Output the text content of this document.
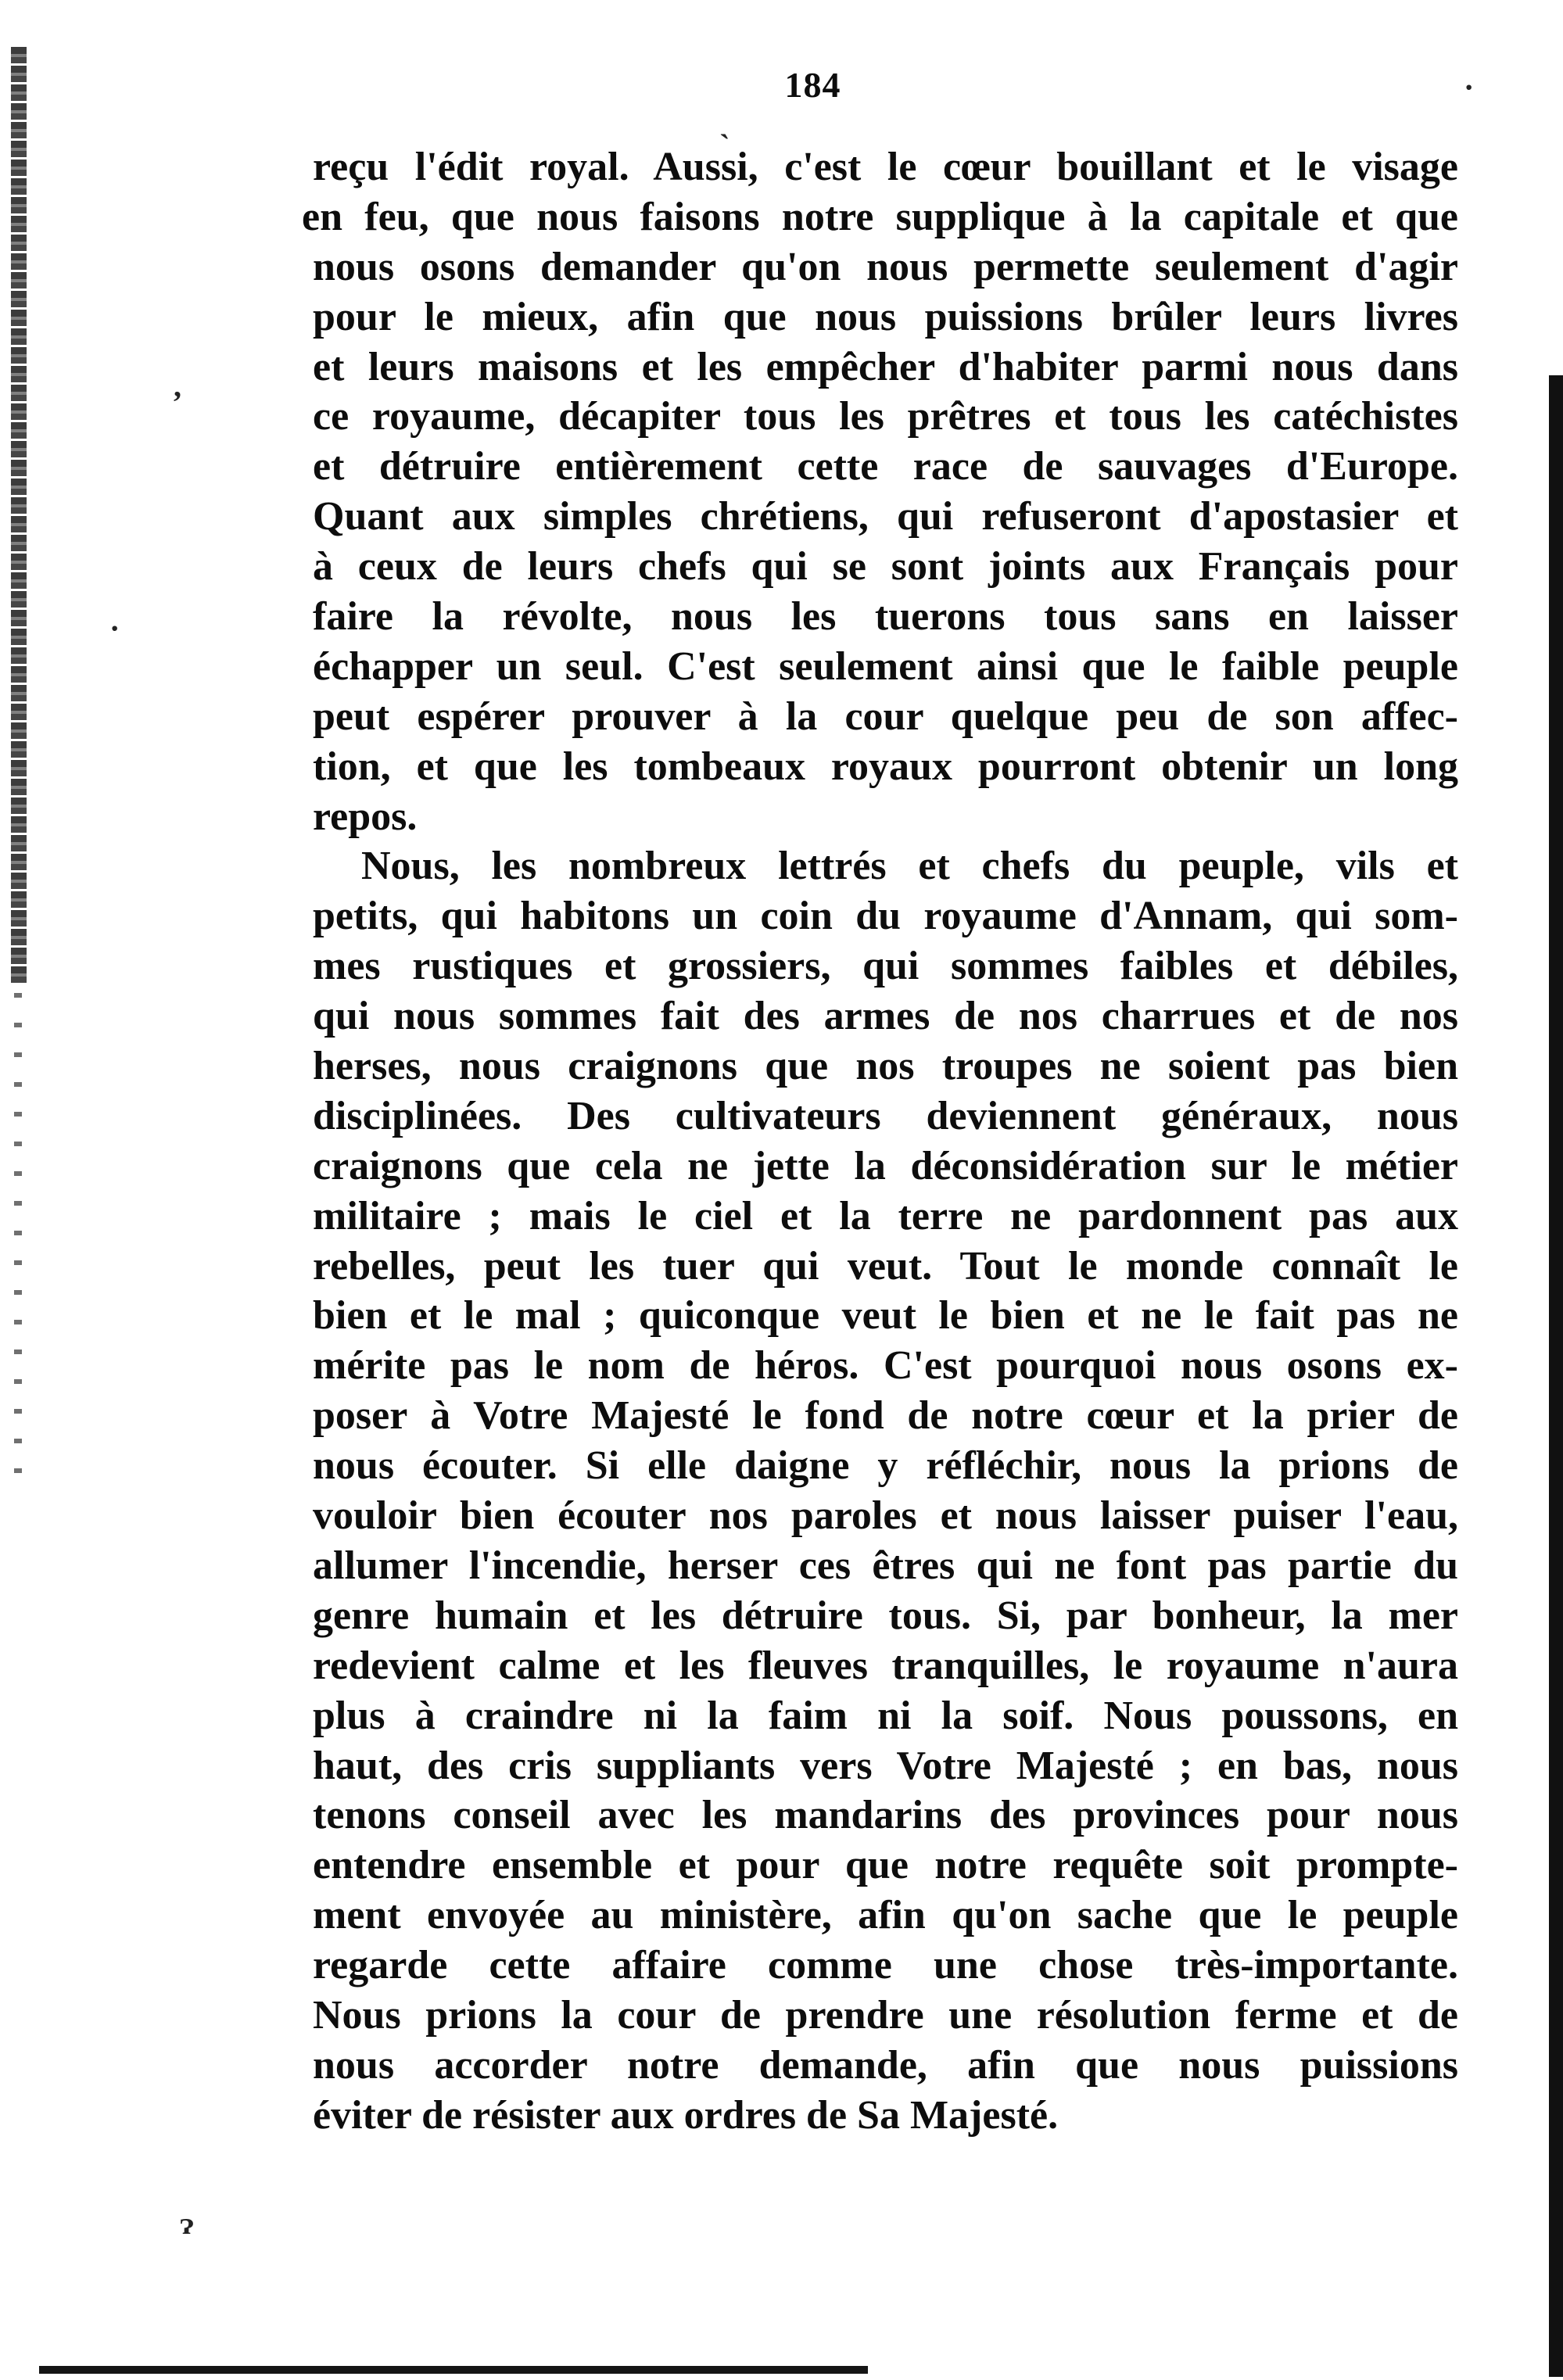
ˎ
·
,
·
ɂ
184
reçu l'édit royal. Aussi, c'est le cœur bouillant et le visage
en feu, que nous faisons notre supplique à la capitale et que
nous osons demander qu'on nous permette seulement d'agir
pour le mieux, afin que nous puissions brûler leurs livres
et leurs maisons et les empêcher d'habiter parmi nous dans
ce royaume, décapiter tous les prêtres et tous les catéchistes
et détruire entièrement cette race de sauvages d'Europe.
Quant aux simples chrétiens, qui refuseront d'apostasier et
à ceux de leurs chefs qui se sont joints aux Français pour
faire la révolte, nous les tuerons tous sans en laisser
échapper un seul. C'est seulement ainsi que le faible peuple
peut espérer prouver à la cour quelque peu de son affec-
tion, et que les tombeaux royaux pourront obtenir un long
repos.
Nous, les nombreux lettrés et chefs du peuple, vils et
petits, qui habitons un coin du royaume d'Annam, qui som-
mes rustiques et grossiers, qui sommes faibles et débiles,
qui nous sommes fait des armes de nos charrues et de nos
herses, nous craignons que nos troupes ne soient pas bien
disciplinées. Des cultivateurs deviennent généraux, nous
craignons que cela ne jette la déconsidération sur le métier
militaire ; mais le ciel et la terre ne pardonnent pas aux
rebelles, peut les tuer qui veut. Tout le monde connaît le
bien et le mal ; quiconque veut le bien et ne le fait pas ne
mérite pas le nom de héros. C'est pourquoi nous osons ex-
poser à Votre Majesté le fond de notre cœur et la prier de
nous écouter. Si elle daigne y réfléchir, nous la prions de
vouloir bien écouter nos paroles et nous laisser puiser l'eau,
allumer l'incendie, herser ces êtres qui ne font pas partie du
genre humain et les détruire tous. Si, par bonheur, la mer
redevient calme et les fleuves tranquilles, le royaume n'aura
plus à craindre ni la faim ni la soif. Nous poussons, en
haut, des cris suppliants vers Votre Majesté ; en bas, nous
tenons conseil avec les mandarins des provinces pour nous
entendre ensemble et pour que notre requête soit prompte-
ment envoyée au ministère, afin qu'on sache que le peuple
regarde cette affaire comme une chose très-importante.
Nous prions la cour de prendre une résolution ferme et de
nous accorder notre demande, afin que nous puissions
éviter de résister aux ordres de Sa Majesté.
